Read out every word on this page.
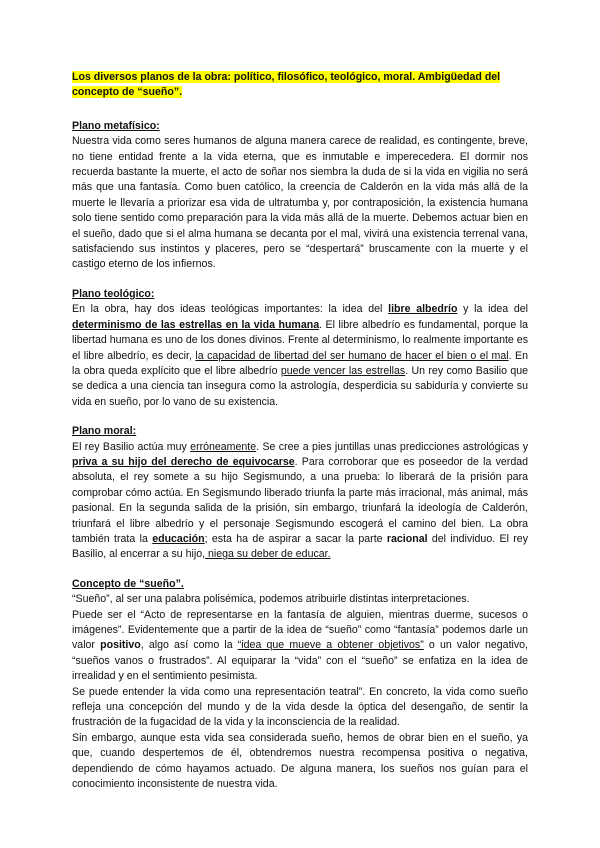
Los diversos planos de la obra: político, filosófico, teológico, moral. Ambigüedad del concepto de “sueño”.
Plano metafísico:

Nuestra vida como seres humanos de alguna manera carece de realidad, es contingente, breve, no tiene entidad frente a la vida eterna, que es inmutable e imperecedera. El dormir nos recuerda bastante la muerte, el acto de soñar nos siembra la duda de si la vida en vigilia no será más que una fantasía. Como buen católico, la creencia de Calderón en la vida más allá de la muerte le llevaría a priorizar esa vida de ultratumba y, por contraposición, la existencia humana solo tiene sentido como preparación para la vida más allá de la muerte. Debemos actuar bien en el sueño, dado que si el alma humana se decanta por el mal, vivirá una existencia terrenal vana, satisfaciendo sus instintos y placeres, pero se “despertará” bruscamente con la muerte y el castigo eterno de los infiernos.

Plano teológico:

En la obra, hay dos ideas teológicas importantes: la idea del libre albedrío y la idea del determinismo de las estrellas en la vida humana. El libre albedrío es fundamental, porque la libertad humana es uno de los dones divinos. Frente al determinismo, lo realmente importante es el libre albedrío, es decir, la capacidad de libertad del ser humano de hacer el bien o el mal. En la obra queda explícito que el libre albedrío puede vencer las estrellas. Un rey como Basilio que se dedica a una ciencia tan insegura como la astrología, desperdicia su sabiduría y convierte su vida en sueño, por lo vano de su existencia.

Plano moral:

El rey Basilio actúa muy erróneamente. Se cree a pies juntillas unas predicciones astrológicas y priva a su hijo del derecho de equivocarse. Para corroborar que es poseedor de la verdad absoluta, el rey somete a su hijo Segismundo, a una prueba: lo liberará de la prisión para comprobar cómo actúa. En Segismundo liberado triunfa la parte más irracional, más animal, más pasional. En la segunda salida de la prisión, sin embargo, triunfará la ideología de Calderón, triunfará el libre albedrío y el personaje Segismundo escogerá el camino del bien. La obra también trata la educación; esta ha de aspirar a sacar la parte racional del individuo. El rey Basilio, al encerrar a su hijo, niega su deber de educar.

Concepto de “sueño”.

“Sueño”, al ser una palabra polisémica, podemos atribuirle distintas interpretaciones.

Puede ser el “Acto de representarse en la fantasía de alguien, mientras duerme, sucesos o imágenes”. Evidentemente que a partir de la idea de “sueño” como “fantasía” podemos darle un valor positivo, algo así como la “idea que mueve a obtener objetivos” o un valor negativo, “sueños vanos o frustrados”. Al equiparar la “vida” con el “sueño” se enfatiza en la idea de irrealidad y en el sentimiento pesimista.

Se puede entender la vida como una representación teatral”. En concreto, la vida como sueño refleja una concepción del mundo y de la vida desde la óptica del desengaño, de sentir la frustración de la fugacidad de la vida y la inconsciencia de la realidad.

Sin embargo, aunque esta vida sea considerada sueño, hemos de obrar bien en el sueño, ya que, cuando despertemos de él, obtendremos nuestra recompensa positiva o negativa, dependiendo de cómo hayamos actuado. De alguna manera, los sueños nos guían para el conocimiento inconsistente de nuestra vida.
